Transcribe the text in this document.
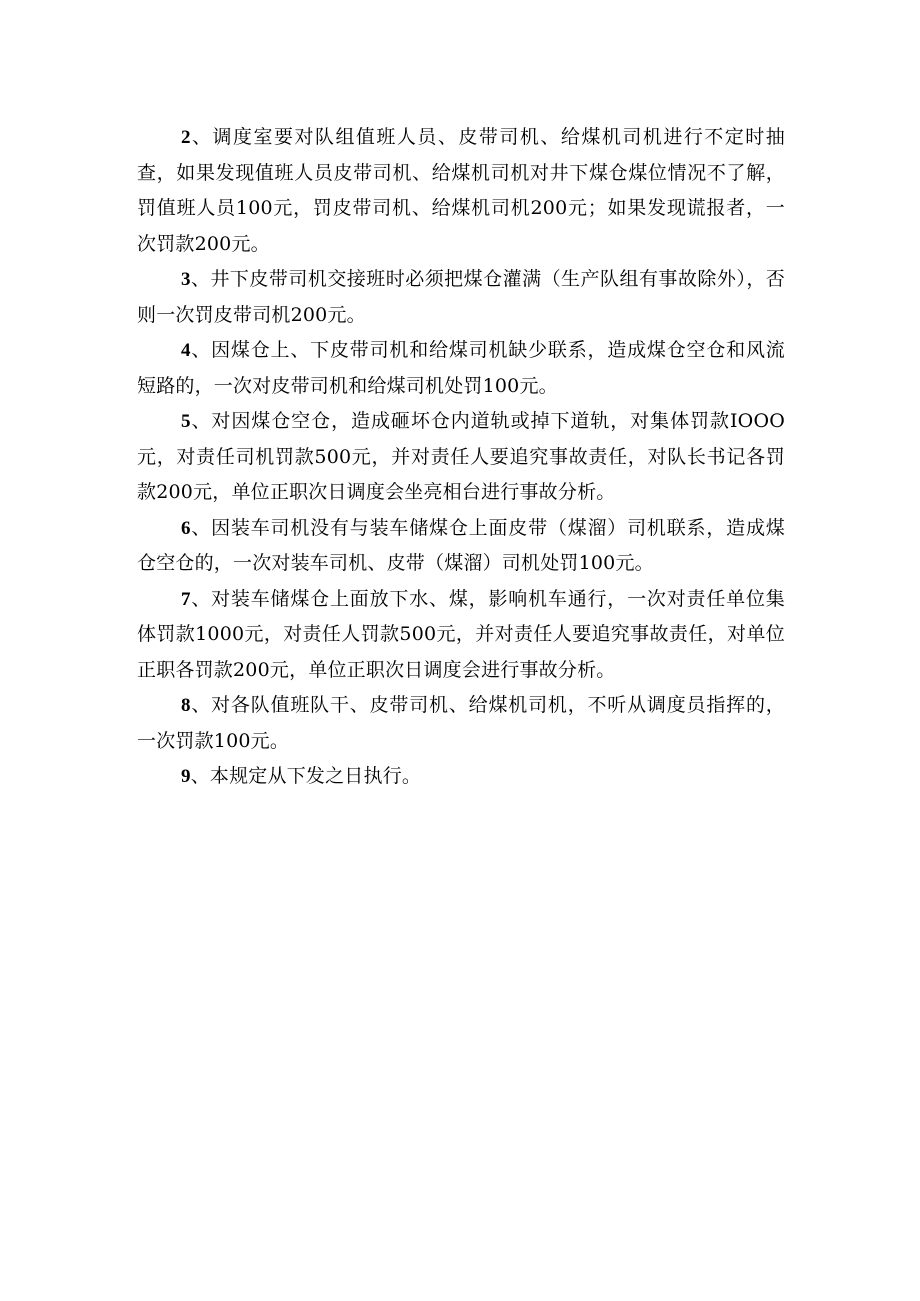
2、调度室要对队组值班人员、皮带司机、给煤机司机进行不定时抽查，如果发现值班人员皮带司机、给煤机司机对井下煤仓煤位情况不了解，罚值班人员100元，罚皮带司机、给煤机司机200元；如果发现谎报者，一次罚款200元。

3、井下皮带司机交接班时必须把煤仓灌满（生产队组有事故除外），否则一次罚皮带司机200元。

4、因煤仓上、下皮带司机和给煤司机缺少联系，造成煤仓空仓和风流短路的，一次对皮带司机和给煤司机处罚100元。

5、对因煤仓空仓，造成砸坏仓内道轨或掉下道轨，对集体罚款IOOO元，对责任司机罚款500元，并对责任人要追究事故责任，对队长书记各罚款200元，单位正职次日调度会坐亮相台进行事故分析。

6、因装车司机没有与装车储煤仓上面皮带（煤溜）司机联系，造成煤仓空仓的，一次对装车司机、皮带（煤溜）司机处罚100元。

7、对装车储煤仓上面放下水、煤，影响机车通行，一次对责任单位集体罚款1000元，对责任人罚款500元，并对责任人要追究事故责任，对单位正职各罚款200元，单位正职次日调度会进行事故分析。

8、对各队值班队干、皮带司机、给煤机司机，不听从调度员指挥的，一次罚款100元。

9、本规定从下发之日执行。
